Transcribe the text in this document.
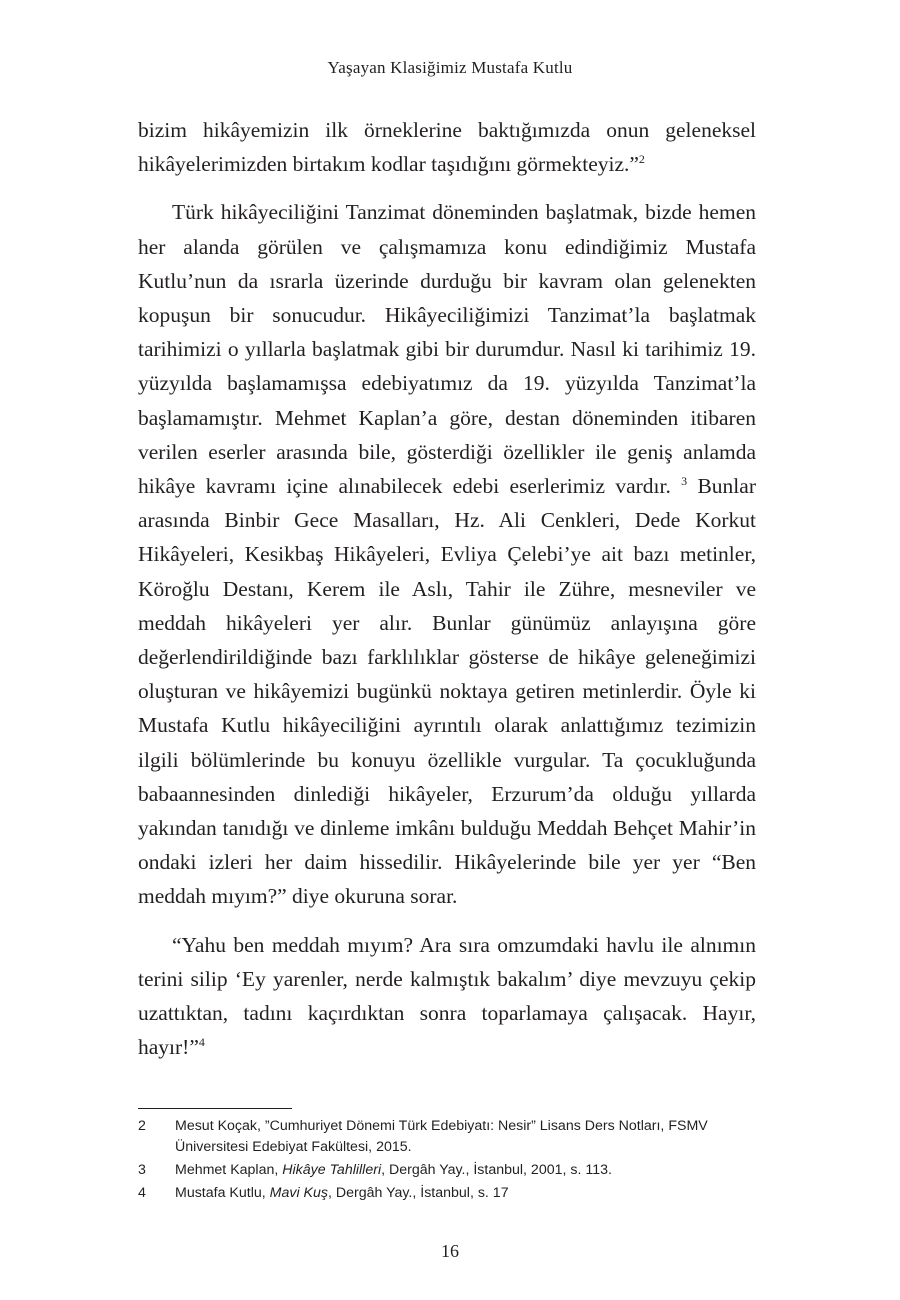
Yaşayan Klasiğimiz Mustafa Kutlu

bizim hikâyemizin ilk örneklerine baktığımızda onun geleneksel hikâyelerimizden birtakım kodlar taşıdığını görmekteyiz.”$^2$

Türk hikâyeciliğini Tanzimat döneminden başlatmak, bizde hemen her alanda görülen ve çalışmamıza konu edindiğimiz Mustafa Kutlu’nun da ısrarla üzerinde durduğu bir kavram olan gelenekten kopuşun bir sonucudur. Hikâyeciliğimizi Tanzimat’la başlatmak tarihimizi o yıllarla başlatmak gibi bir durumdur. Nasıl ki tarihimiz 19. yüzyılda başlamamışsa edebiyatımız da 19. yüzyılda Tanzimat’la başlamamıştır. Mehmet Kaplan’a göre, destan döneminden itibaren verilen eserler arasında bile, gösterdiği özellikler ile geniş anlamda hikâye kavramı içine alınabilecek edebi eserlerimiz vardır. $^3$ Bunlar arasında Binbir Gece Masalları, Hz. Ali Cenkleri, Dede Korkut Hikâyeleri, Kesikbaş Hikâyeleri, Evliya Çelebi’ye ait bazı metinler, Köroğlu Destanı, Kerem ile Aslı, Tahir ile Zühre, mesneviler ve meddah hikâyeleri yer alır. Bunlar günümüz anlayışına göre değerlendirildiğinde bazı farklılıklar gösterse de hikâye geleneğimizi oluşturan ve hikâyemizi bugünkü noktaya getiren metinlerdir. Öyle ki Mustafa Kutlu hikâyeciliğini ayrıntılı olarak anlattığımız tezimizin ilgili bölümlerinde bu konuyu özellikle vurgular. Ta çocukluğunda babaannesinden dinlediği hikâyeler, Erzurum’da olduğu yıllarda yakından tanıdığı ve dinleme imkânı bulduğu Meddah Behçet Mahir’in ondaki izleri her daim hissedilir. Hikâyelerinde bile yer yer “Ben meddah mıyım?” diye okuruna sorar.

“Yahu ben meddah mıyım? Ara sıra omzumdaki havlu ile alnımın terini silip ‘Ey yarenler, nerde kalmıştık bakalım’ diye mevzuyu çekip uzattıktan, tadını kaçırdıktan sonra toparlamaya çalışacak. Hayır, hayır!”$^4$

2	Mesut Koçak, ”Cumhuriyet Dönemi Türk Edebiyatı: Nesir” Lisans Ders Notları, FSMV Üniversitesi Edebiyat Fakültesi, 2015.
3	Mehmet Kaplan, Hikâye Tahlilleri, Dergâh Yay., İstanbul, 2001, s. 113.
4	Mustafa Kutlu, Mavi Kuş, Dergâh Yay., İstanbul, s. 17
16
